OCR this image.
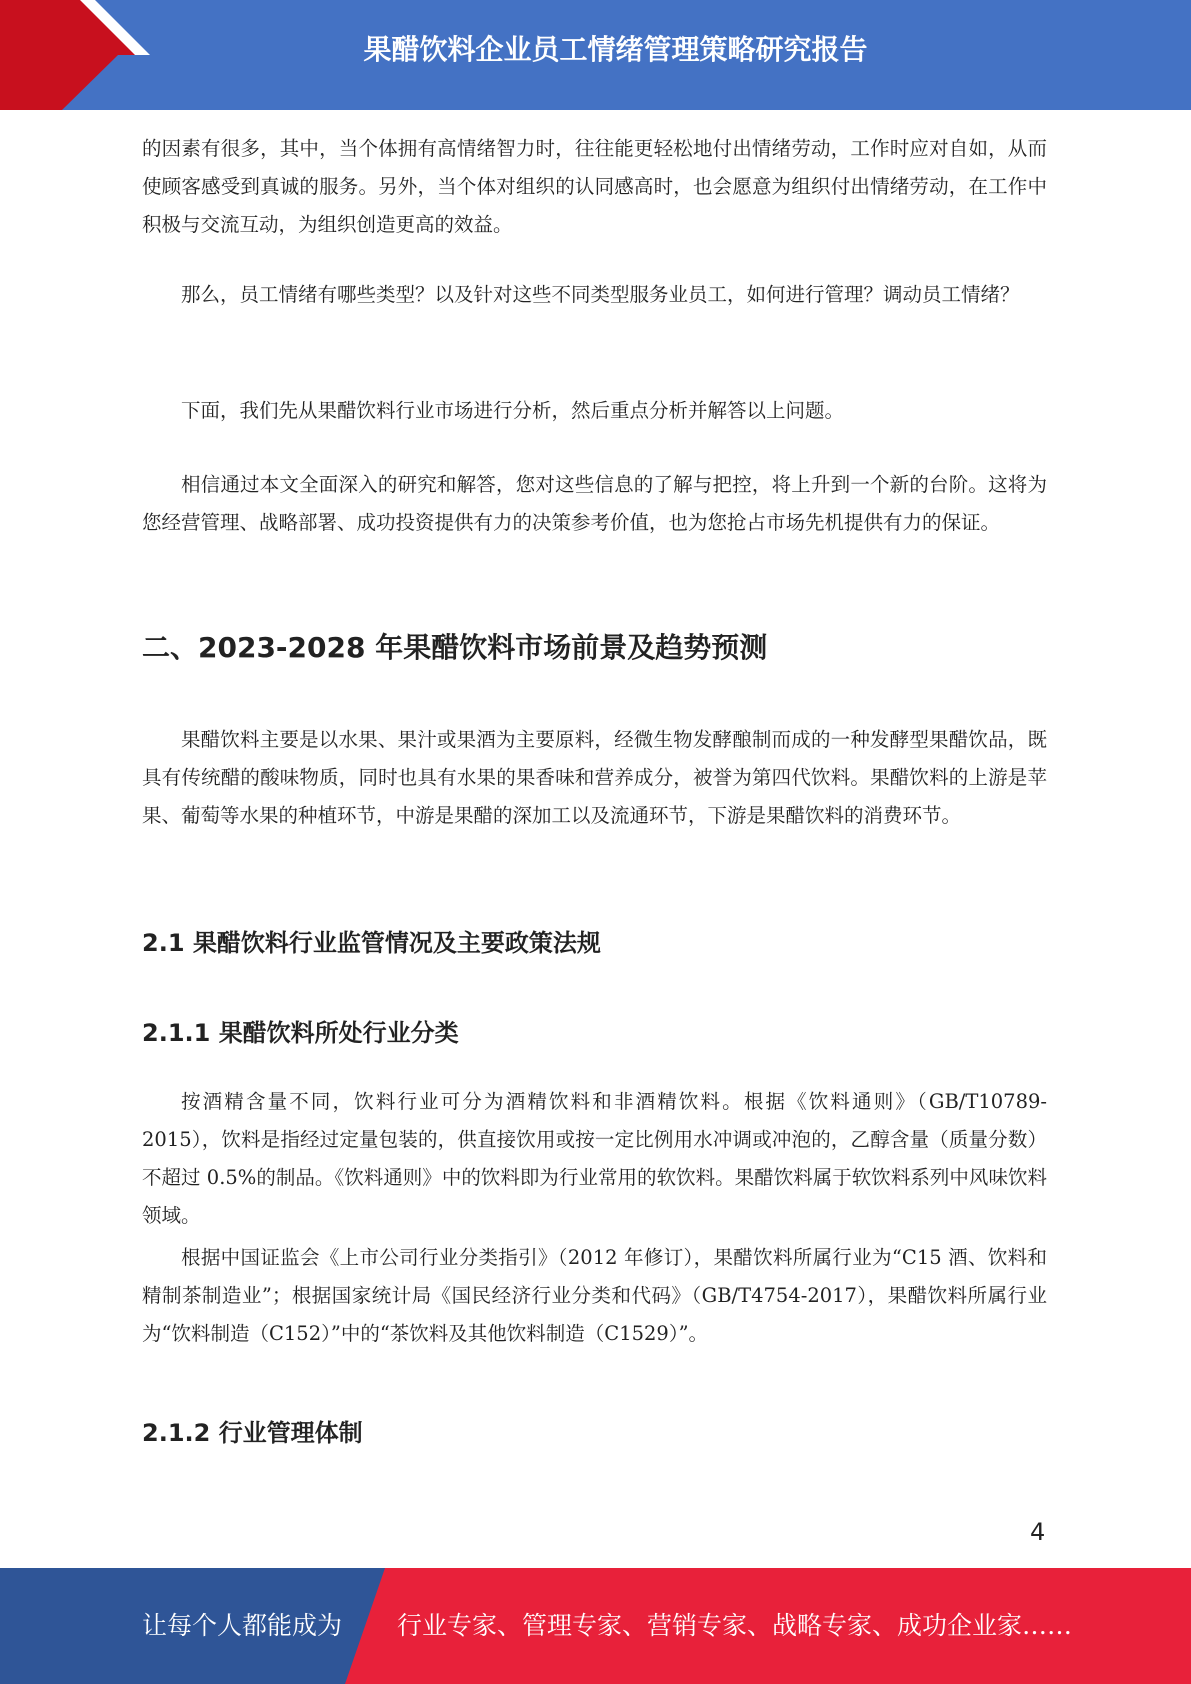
果醋饮料企业员工情绪管理策略研究报告

的因素有很多，其中，当个体拥有高情绪智力时，往往能更轻松地付出情绪劳动，工作时应对自如，从而使顾客感受到真诚的服务。另外，当个体对组织的认同感高时，也会愿意为组织付出情绪劳动，在工作中积极与交流互动，为组织创造更高的效益。

那么，员工情绪有哪些类型？以及针对这些不同类型服务业员工，如何进行管理？调动员工情绪？

下面，我们先从果醋饮料行业市场进行分析，然后重点分析并解答以上问题。

相信通过本文全面深入的研究和解答，您对这些信息的了解与把控，将上升到一个新的台阶。这将为您经营管理、战略部署、成功投资提供有力的决策参考价值，也为您抢占市场先机提供有力的保证。

二、2023-2028 年果醋饮料市场前景及趋势预测

果醋饮料主要是以水果、果汁或果酒为主要原料，经微生物发酵酿制而成的一种发酵型果醋饮品，既具有传统醋的酸味物质，同时也具有水果的果香味和营养成分，被誉为第四代饮料。果醋饮料的上游是苹果、葡萄等水果的种植环节，中游是果醋的深加工以及流通环节，下游是果醋饮料的消费环节。

2.1 果醋饮料行业监管情况及主要政策法规
2.1.1 果醋饮料所处行业分类

按酒精含量不同，饮料行业可分为酒精饮料和非酒精饮料。根据《饮料通则》（GB/T10789-2015），饮料是指经过定量包装的，供直接饮用或按一定比例用水冲调或冲泡的，乙醇含量（质量分数）不超过 0.5%的制品。《饮料通则》中的饮料即为行业常用的软饮料。果醋饮料属于软饮料系列中风味饮料领域。

根据中国证监会《上市公司行业分类指引》（2012 年修订），果醋饮料所属行业为“C15 酒、饮料和精制茶制造业”；根据国家统计局《国民经济行业分类和代码》（GB/T4754-2017），果醋饮料所属行业为“饮料制造（C152）”中的“茶饮料及其他饮料制造（C1529）”。

2.1.2 行业管理体制
4
让每个人都能成为 行业专家、管理专家、营销专家、战略专家、成功企业家……
